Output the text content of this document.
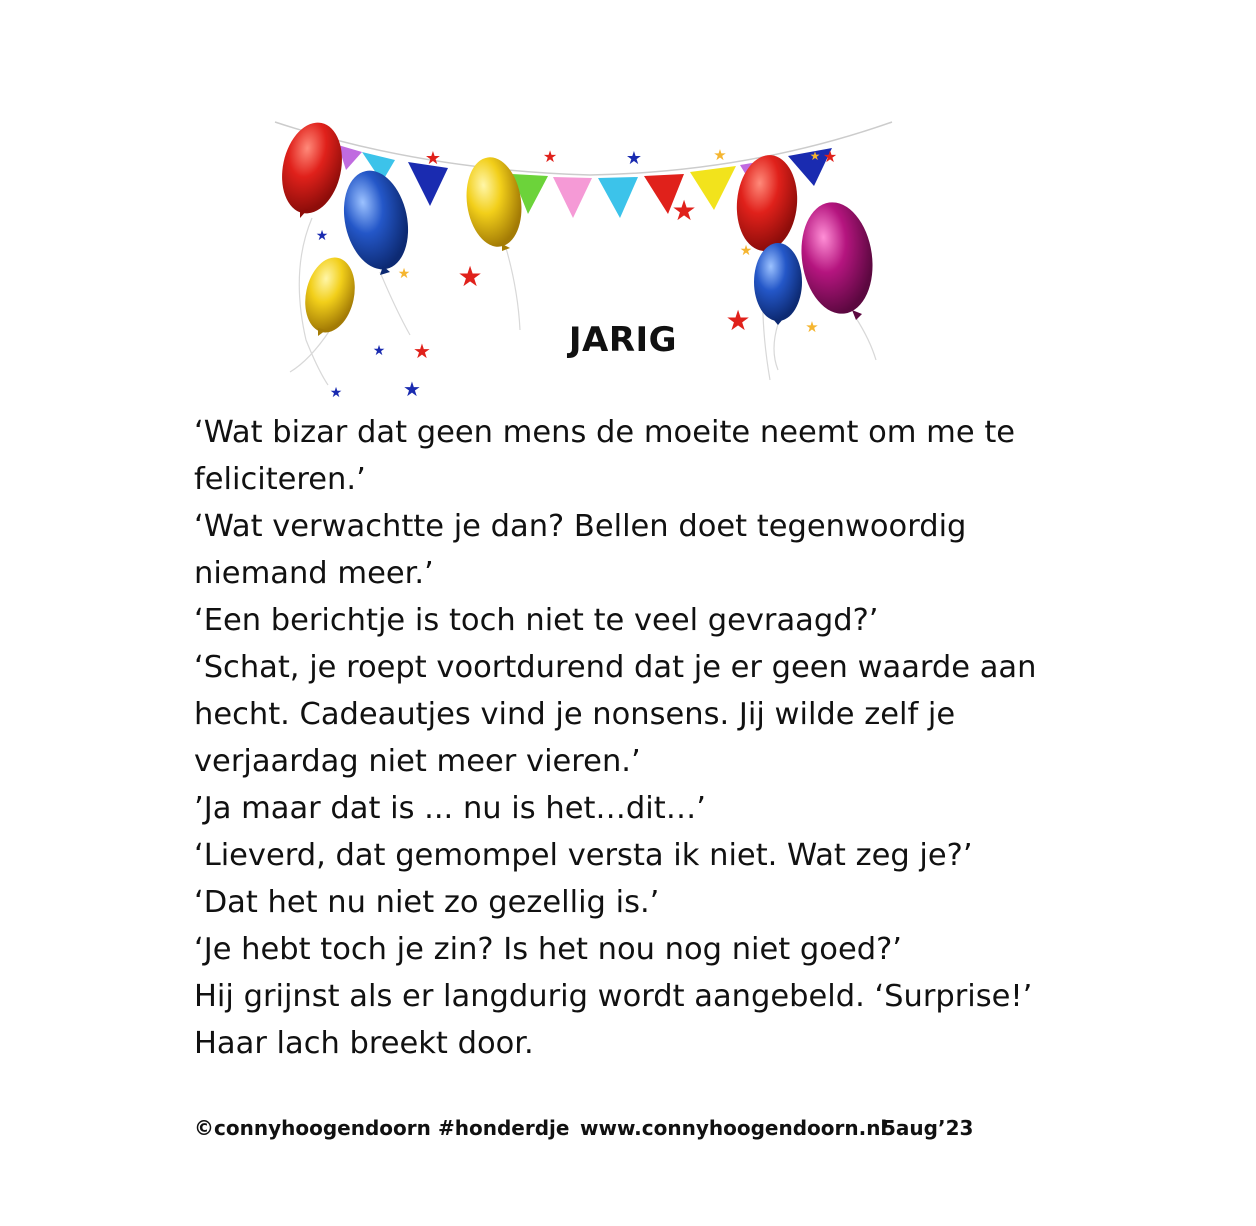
★	★	★	★	★
★
★
★
★
★
★
★
★
★
★
★
★
JARIG
‘Wat bizar dat geen mens de moeite neemt om me te
feliciteren.’
‘Wat verwachtte je dan? Bellen doet tegenwoordig
niemand meer.’
‘Een berichtje is toch niet te veel gevraagd?’
‘Schat, je roept voortdurend dat je er geen waarde aan
hecht. Cadeautjes vind je nonsens. Jij wilde zelf je
verjaardag niet meer vieren.’
’Ja maar dat is ... nu is het…dit…’
‘Lieverd, dat gemompel versta ik niet. Wat zeg je?’
‘Dat het nu niet zo gezellig is.’
‘Je hebt toch je zin? Is het nou nog niet goed?’
Hij grijnst als er langdurig wordt aangebeld. ‘Surprise!’
Haar lach breekt door.
©connyhoogendoorn #honderdje www.connyhoogendoorn.nl
5aug’23
